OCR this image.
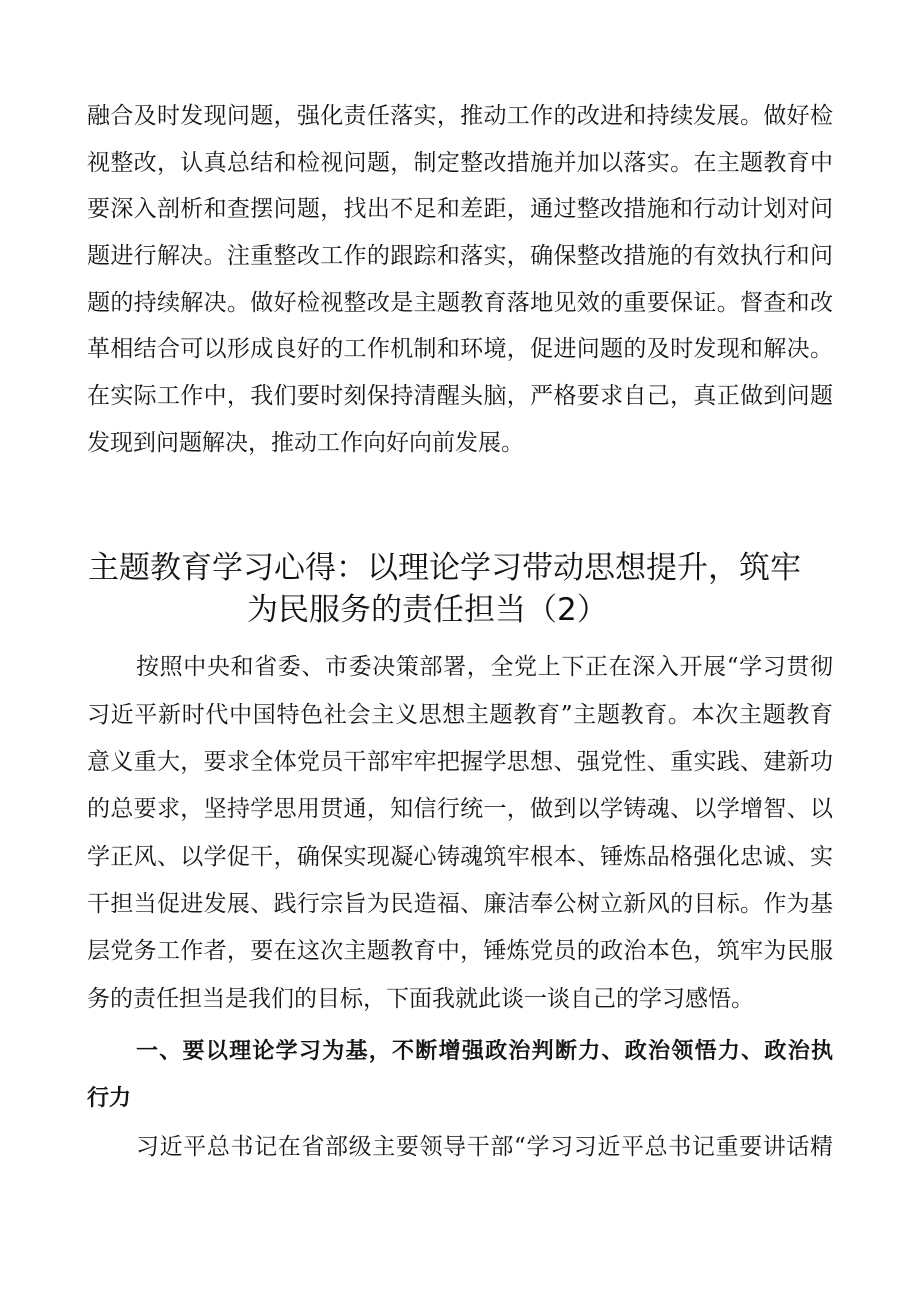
融合及时发现问题，强化责任落实，推动工作的改进和持续发展。做好检
视整改，认真总结和检视问题，制定整改措施并加以落实。在主题教育中
要深入剖析和查摆问题，找出不足和差距，通过整改措施和行动计划对问
题进行解决。注重整改工作的跟踪和落实，确保整改措施的有效执行和问
题的持续解决。做好检视整改是主题教育落地见效的重要保证。督查和改
革相结合可以形成良好的工作机制和环境，促进问题的及时发现和解决。
在实际工作中，我们要时刻保持清醒头脑，严格要求自己，真正做到问题
发现到问题解决，推动工作向好向前发展。
主题教育学习心得：以理论学习带动思想提升，筑牢
为民服务的责任担当（2）
按照中央和省委、市委决策部署，全党上下正在深入开展“学习贯彻
习近平新时代中国特色社会主义思想主题教育”主题教育。本次主题教育
意义重大，要求全体党员干部牢牢把握学思想、强党性、重实践、建新功
的总要求，坚持学思用贯通，知信行统一，做到以学铸魂、以学增智、以
学正风、以学促干，确保实现凝心铸魂筑牢根本、锤炼品格强化忠诚、实
干担当促进发展、践行宗旨为民造福、廉洁奉公树立新风的目标。作为基
层党务工作者，要在这次主题教育中，锤炼党员的政治本色，筑牢为民服
务的责任担当是我们的目标，下面我就此谈一谈自己的学习感悟。
一、要以理论学习为基，不断增强政治判断力、政治领悟力、政治执
行力
习近平总书记在省部级主要领导干部“学习习近平总书记重要讲话精
